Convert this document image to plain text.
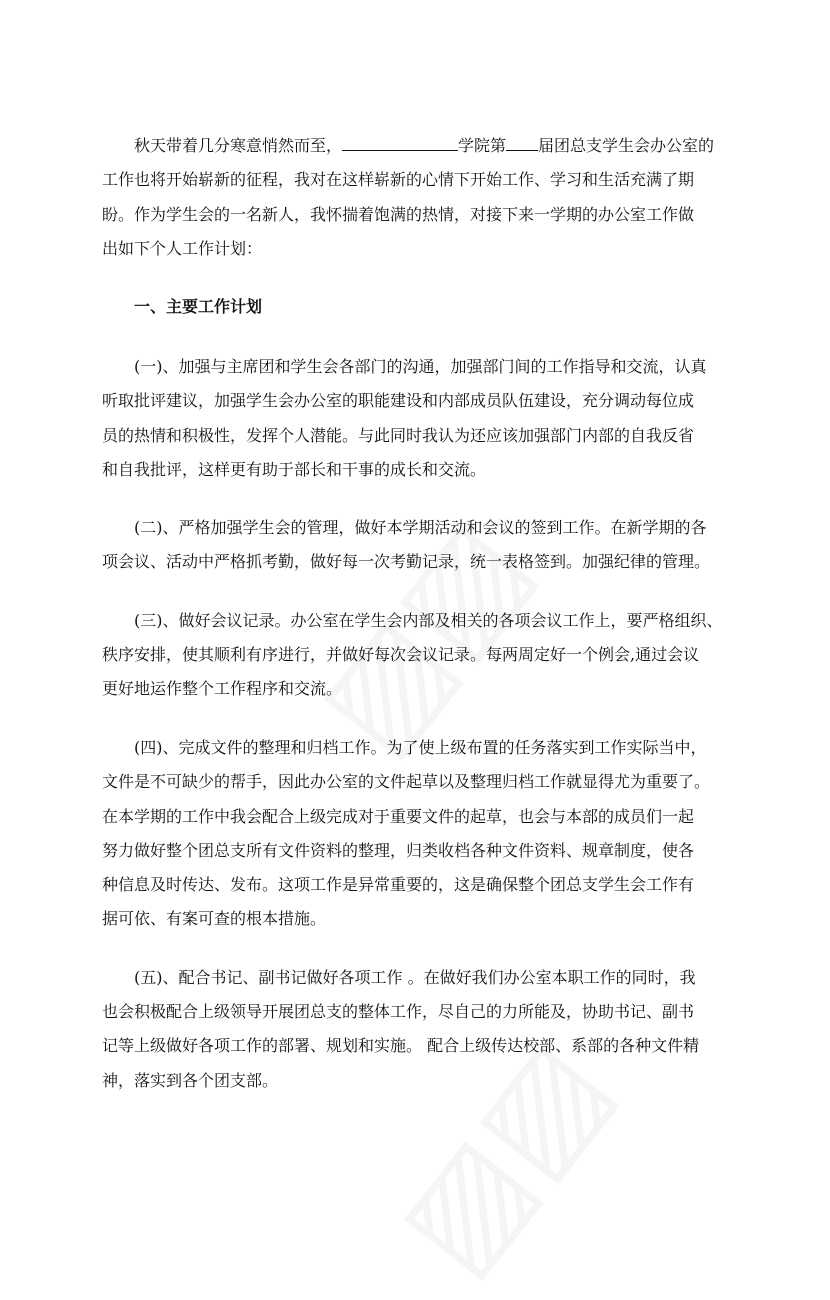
秋天带着几分寒意悄然而至，	学院第 届团总支学生会办公室的
工作也将开始崭新的征程，我对在这样崭新的心情下开始工作、学习和生活充满了期
盼。作为学生会的一名新人，我怀揣着饱满的热情，对接下来一学期的办公室工作做
出如下个人工作计划：
一、主要工作计划
(一)、加强与主席团和学生会各部门的沟通，加强部门间的工作指导和交流，认真
听取批评建议，加强学生会办公室的职能建设和内部成员队伍建设，充分调动每位成
员的热情和积极性，发挥个人潜能。与此同时我认为还应该加强部门内部的自我反省
和自我批评，这样更有助于部长和干事的成长和交流。
(二)、严格加强学生会的管理，做好本学期活动和会议的签到工作。在新学期的各
项会议、活动中严格抓考勤，做好每一次考勤记录，统一表格签到。加强纪律的管理。
(三)、做好会议记录。办公室在学生会内部及相关的各项会议工作上，要严格组织、
秩序安排，使其顺利有序进行，并做好每次会议记录。每两周定好一个例会,通过会议
更好地运作整个工作程序和交流。
(四)、完成文件的整理和归档工作。为了使上级布置的任务落实到工作实际当中，
文件是不可缺少的帮手，因此办公室的文件起草以及整理归档工作就显得尤为重要了。
在本学期的工作中我会配合上级完成对于重要文件的起草，也会与本部的成员们一起
努力做好整个团总支所有文件资料的整理，归类收档各种文件资料、规章制度，使各
种信息及时传达、发布。这项工作是异常重要的，这是确保整个团总支学生会工作有
据可依、有案可查的根本措施。
(五)、配合书记、副书记做好各项工作 。在做好我们办公室本职工作的同时，我
也会积极配合上级领导开展团总支的整体工作，尽自己的力所能及，协助书记、副书
记等上级做好各项工作的部署、规划和实施。 配合上级传达校部、系部的各种文件精
神，落实到各个团支部。
